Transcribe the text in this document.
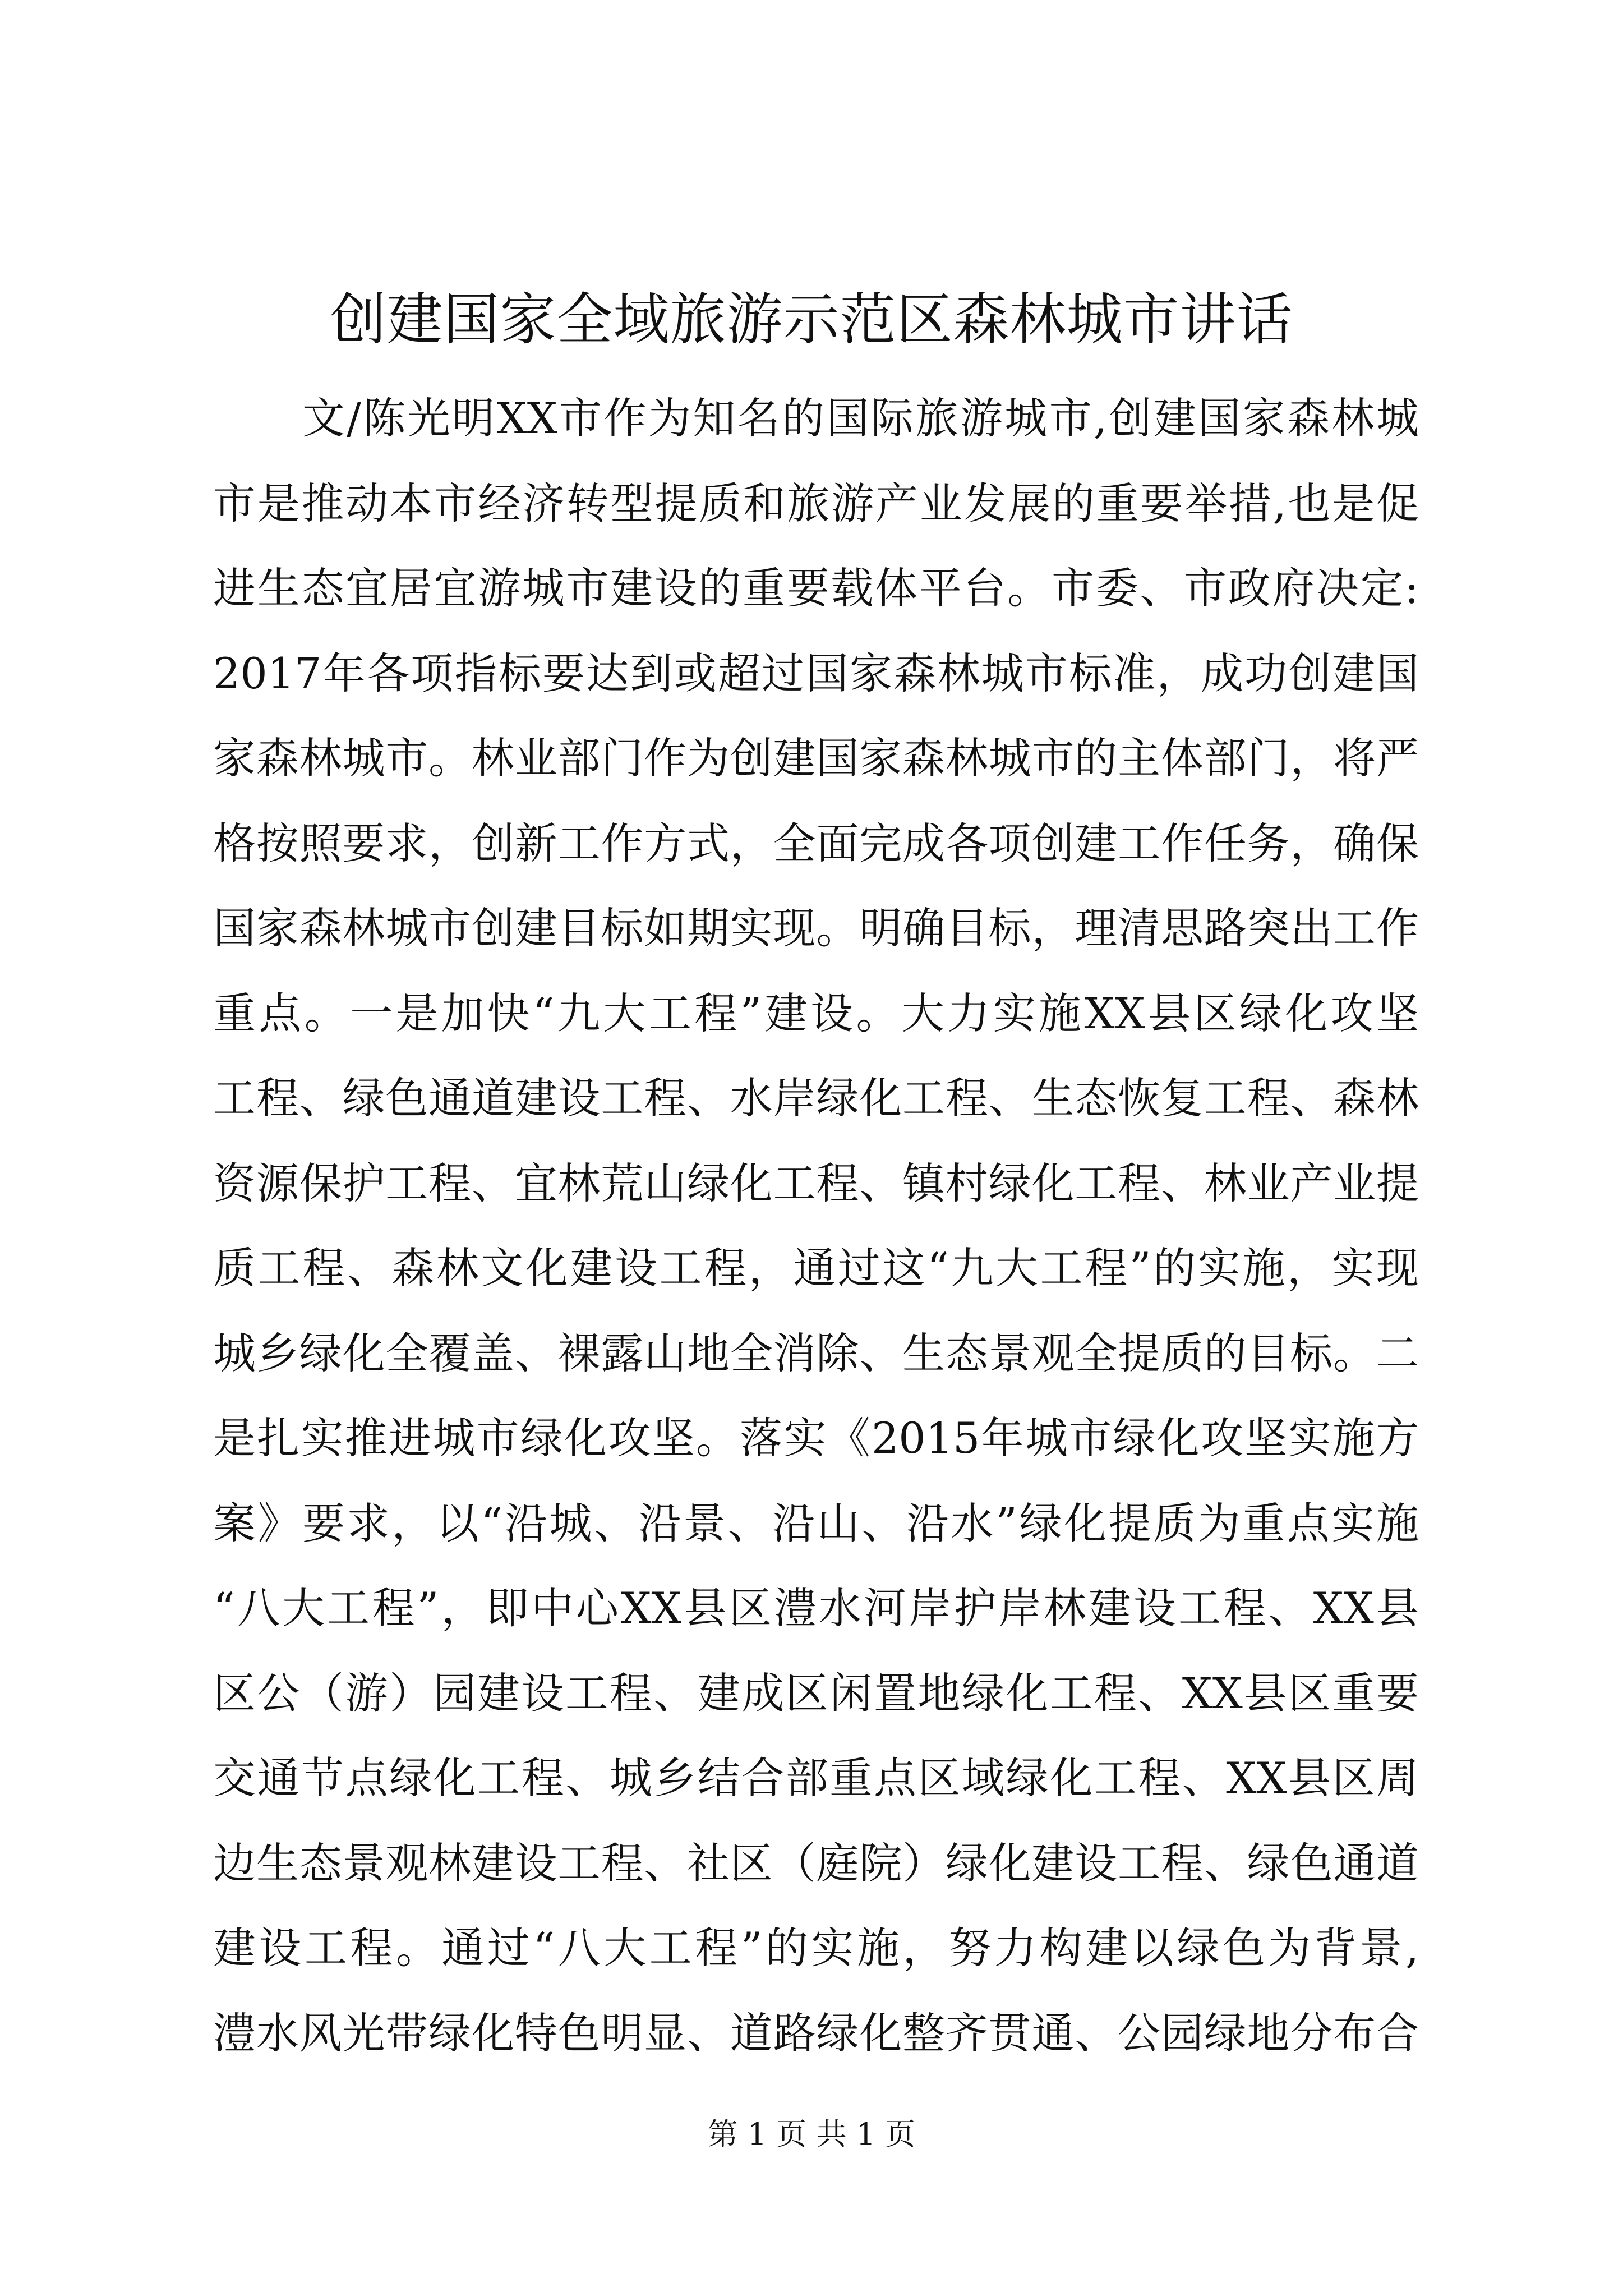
创建国家全域旅游示范区森林城市讲话
　　文/陈光明XX市作为知名的国际旅游城市,创建国家森林城
市是推动本市经济转型提质和旅游产业发展的重要举措,也是促
进生态宜居宜游城市建设的重要载体平台。市委、市政府决定:
2017年各项指标要达到或超过国家森林城市标准，成功创建国
家森林城市。林业部门作为创建国家森林城市的主体部门，将严
格按照要求，创新工作方式，全面完成各项创建工作任务，确保
国家森林城市创建目标如期实现。明确目标，理清思路突出工作
重点。一是加快“九大工程”建设。大力实施XX县区绿化攻坚
工程、绿色通道建设工程、水岸绿化工程、生态恢复工程、森林
资源保护工程、宜林荒山绿化工程、镇村绿化工程、林业产业提
质工程、森林文化建设工程，通过这“九大工程”的实施，实现
城乡绿化全覆盖、裸露山地全消除、生态景观全提质的目标。二
是扎实推进城市绿化攻坚。落实《2015年城市绿化攻坚实施方
案》要求，以“沿城、沿景、沿山、沿水”绿化提质为重点实施
“八大工程”，即中心XX县区澧水河岸护岸林建设工程、XX县
区公（游）园建设工程、建成区闲置地绿化工程、XX县区重要
交通节点绿化工程、城乡结合部重点区域绿化工程、XX县区周
边生态景观林建设工程、社区（庭院）绿化建设工程、绿色通道
建设工程。通过“八大工程”的实施，努力构建以绿色为背景,
澧水风光带绿化特色明显、道路绿化整齐贯通、公园绿地分布合
第 1 页 共 1 页
